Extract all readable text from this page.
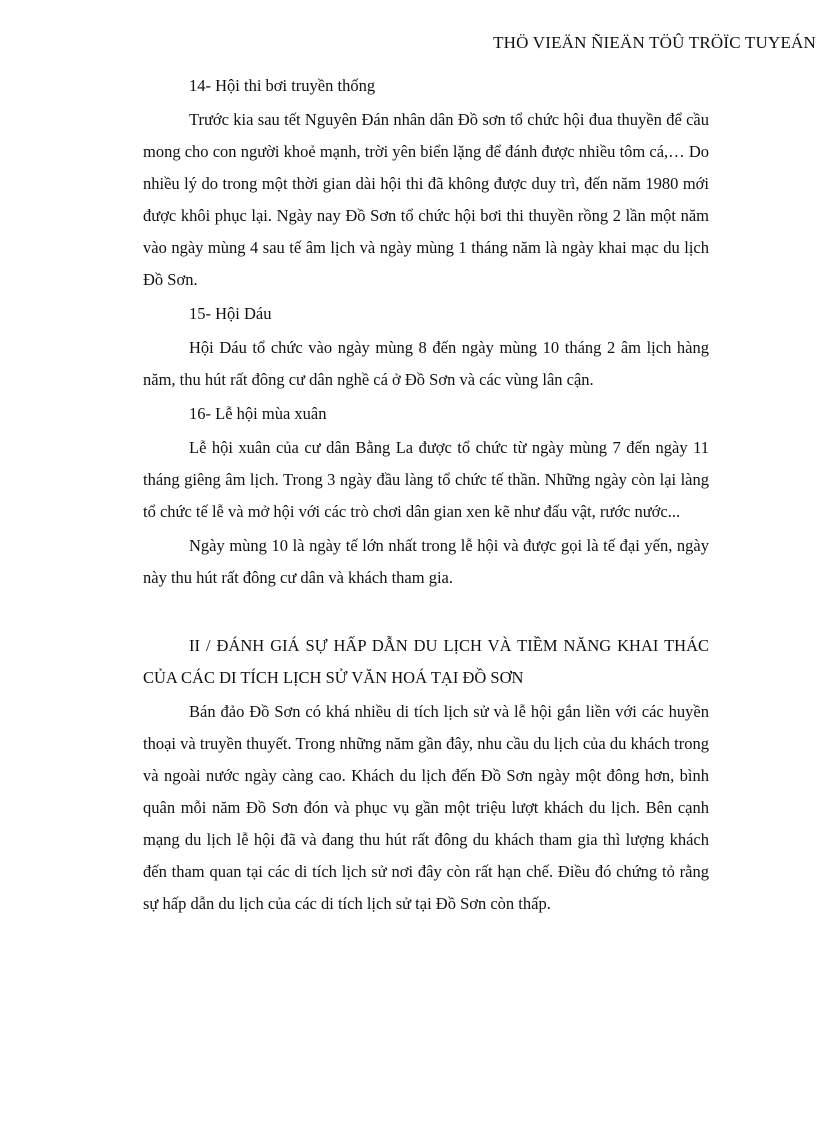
THÖ VIEÄN ÑIEÄN TÖÛ TRÖÏC TUYEÁN

14- Hội thi bơi truyền thống

Trước kia sau tết Nguyên Đán nhân dân Đồ sơn tổ chức hội đua thuyền để cầu mong cho con người khoẻ mạnh, trời yên biển lặng để đánh được nhiều tôm cá,… Do nhiều lý do trong một thời gian dài hội thi đã không được duy trì, đến năm 1980 mới được khôi phục lại. Ngày nay Đồ Sơn tổ chức hội bơi thi thuyền rồng 2 lần một năm vào ngày mùng 4 sau tế âm lịch và ngày mùng 1 tháng năm là ngày khai mạc du lịch Đồ Sơn.

15- Hội Dáu

Hội Dáu tổ chức vào ngày mùng 8 đến ngày mùng 10 tháng 2 âm lịch hàng năm, thu hút rất đông cư dân nghề cá ở Đồ Sơn và các vùng lân cận.

16- Lễ hội mùa xuân

Lễ hội xuân của cư dân Bằng La được tổ chức từ ngày mùng 7 đến ngày 11 tháng giêng âm lịch. Trong 3 ngày đầu làng tổ chức tế thần. Những ngày còn lại làng tổ chức tế lễ và mở hội với các trò chơi dân gian xen kẽ như đấu vật, rước nước...

Ngày mùng 10 là ngày tế lớn nhất trong lễ hội và được gọi là tế đại yến, ngày này thu hút rất đông cư dân và khách tham gia.

II / ĐÁNH GIÁ SỰ HẤP DẪN DU LỊCH VÀ TIỀM NĂNG KHAI THÁC CỦA CÁC DI TÍCH LỊCH SỬ VĂN HOÁ TẠI ĐỒ SƠN

Bán đảo Đồ Sơn có khá nhiều di tích lịch sử và lễ hội gắn liền với các huyền thoại và truyền thuyết. Trong những năm gần đây, nhu cầu du lịch của du khách trong và ngoài nước ngày càng cao. Khách du lịch đến Đồ Sơn ngày một đông hơn, bình quân mỗi năm Đồ Sơn đón và phục vụ gần một triệu lượt khách du lịch. Bên cạnh mạng du lịch lễ hội đã và đang thu hút rất đông du khách tham gia thì lượng khách đến tham quan tại các di tích lịch sử nơi đây còn rất hạn chế. Điều đó chứng tỏ rằng sự hấp dẫn du lịch của các di tích lịch sử tại Đồ Sơn còn thấp.
